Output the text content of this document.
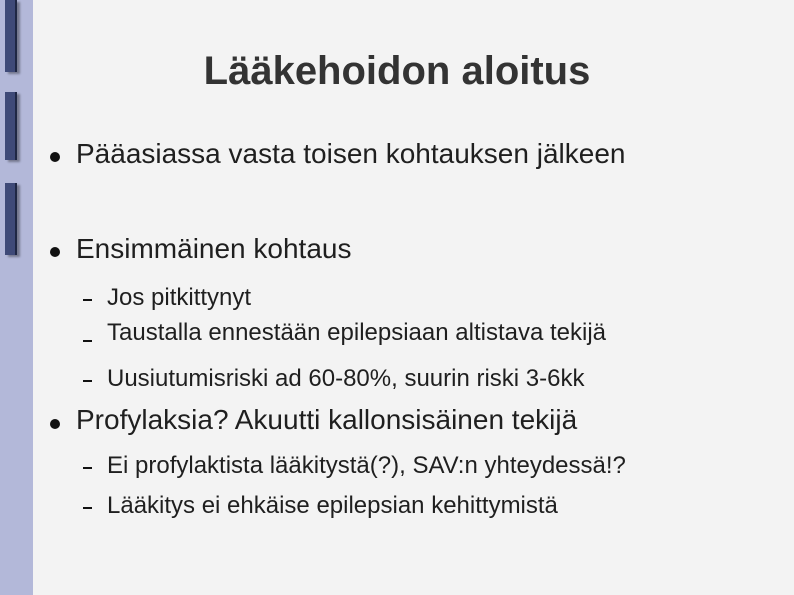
Lääkehoidon aloitus
Pääasiassa vasta toisen kohtauksen jälkeen
Ensimmäinen kohtaus
Jos pitkittynyt
Taustalla ennestään epilepsiaan altistava tekijä
Uusiutumisriski ad 60-80%, suurin riski 3-6kk
Profylaksia? Akuutti kallonsisäinen tekijä
Ei profylaktista lääkitystä(?), SAV:n yhteydessä!?
Lääkitys ei ehkäise epilepsian kehittymistä
